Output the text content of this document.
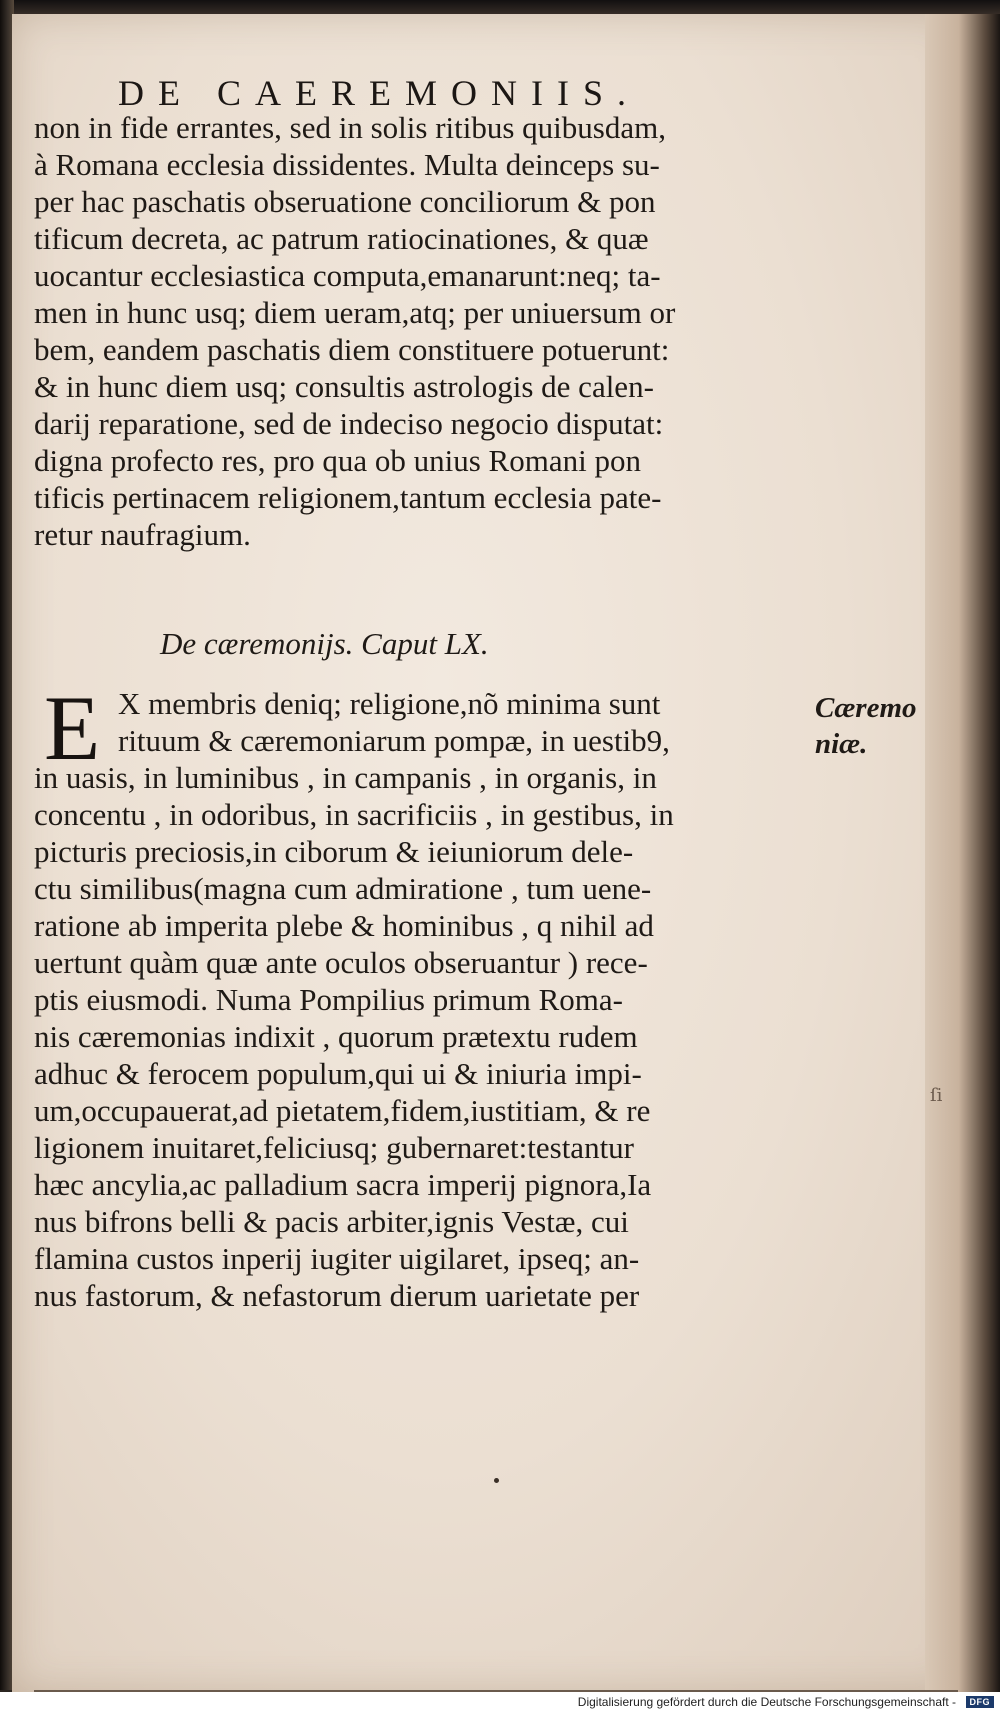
DE CAEREMONIIS.
non in fide errantes, sed in solis ritibus quibusdam,
à Romana ecclesia dissidentes. Multa deinceps su-
per hac paschatis obseruatione conciliorum & pon
tificum decreta, ac patrum ratiocinationes, & quæ
uocantur ecclesiastica computa,emanarunt:neq; ta-
men in hunc usq; diem ueram,atq; per uniuersum or
bem, eandem paschatis diem constituere potuerunt:
& in hunc diem usq; consultis astrologis de calen-
darij reparatione, sed de indeciso negocio disputat:
digna profecto res, pro qua ob unius Romani pon
tificis pertinacem religionem,tantum ecclesia pate-
retur naufragium.
De cæremonijs. Caput LX.
E X membris deniq; religione,nõ minima sunt
rituum & cæremoniarum pompæ, in uestib9,
in uasis, in luminibus , in campanis , in organis, in
concentu , in odoribus, in sacrificiis , in gestibus, in
picturis preciosis,in ciborum & ieiuniorum dele-
ctu similibus(magna cum admiratione , tum uene-
ratione ab imperita plebe & hominibus , q nihil ad
uertunt quàm quæ ante oculos obseruantur ) rece-
ptis eiusmodi. Numa Pompilius primum Roma-
nis cæremonias indixit , quorum prætextu rudem
adhuc & ferocem populum,qui ui & iniuria impi-
um,occupauerat,ad pietatem,fidem,iustitiam, & re
ligionem inuitaret,feliciusq; gubernaret:testantur
hæc ancylia,ac palladium sacra imperij pignora,Ia
nus bifrons belli & pacis arbiter,ignis Vestæ, cui
flamina custos inperij iugiter uigilaret, ipseq; an-
nus fastorum, & nefastorum dierum uarietate per
Cæremo
niæ.
ſi
Digitalisierung gefördert durch die Deutsche Forschungsgemeinschaft -	DFG
